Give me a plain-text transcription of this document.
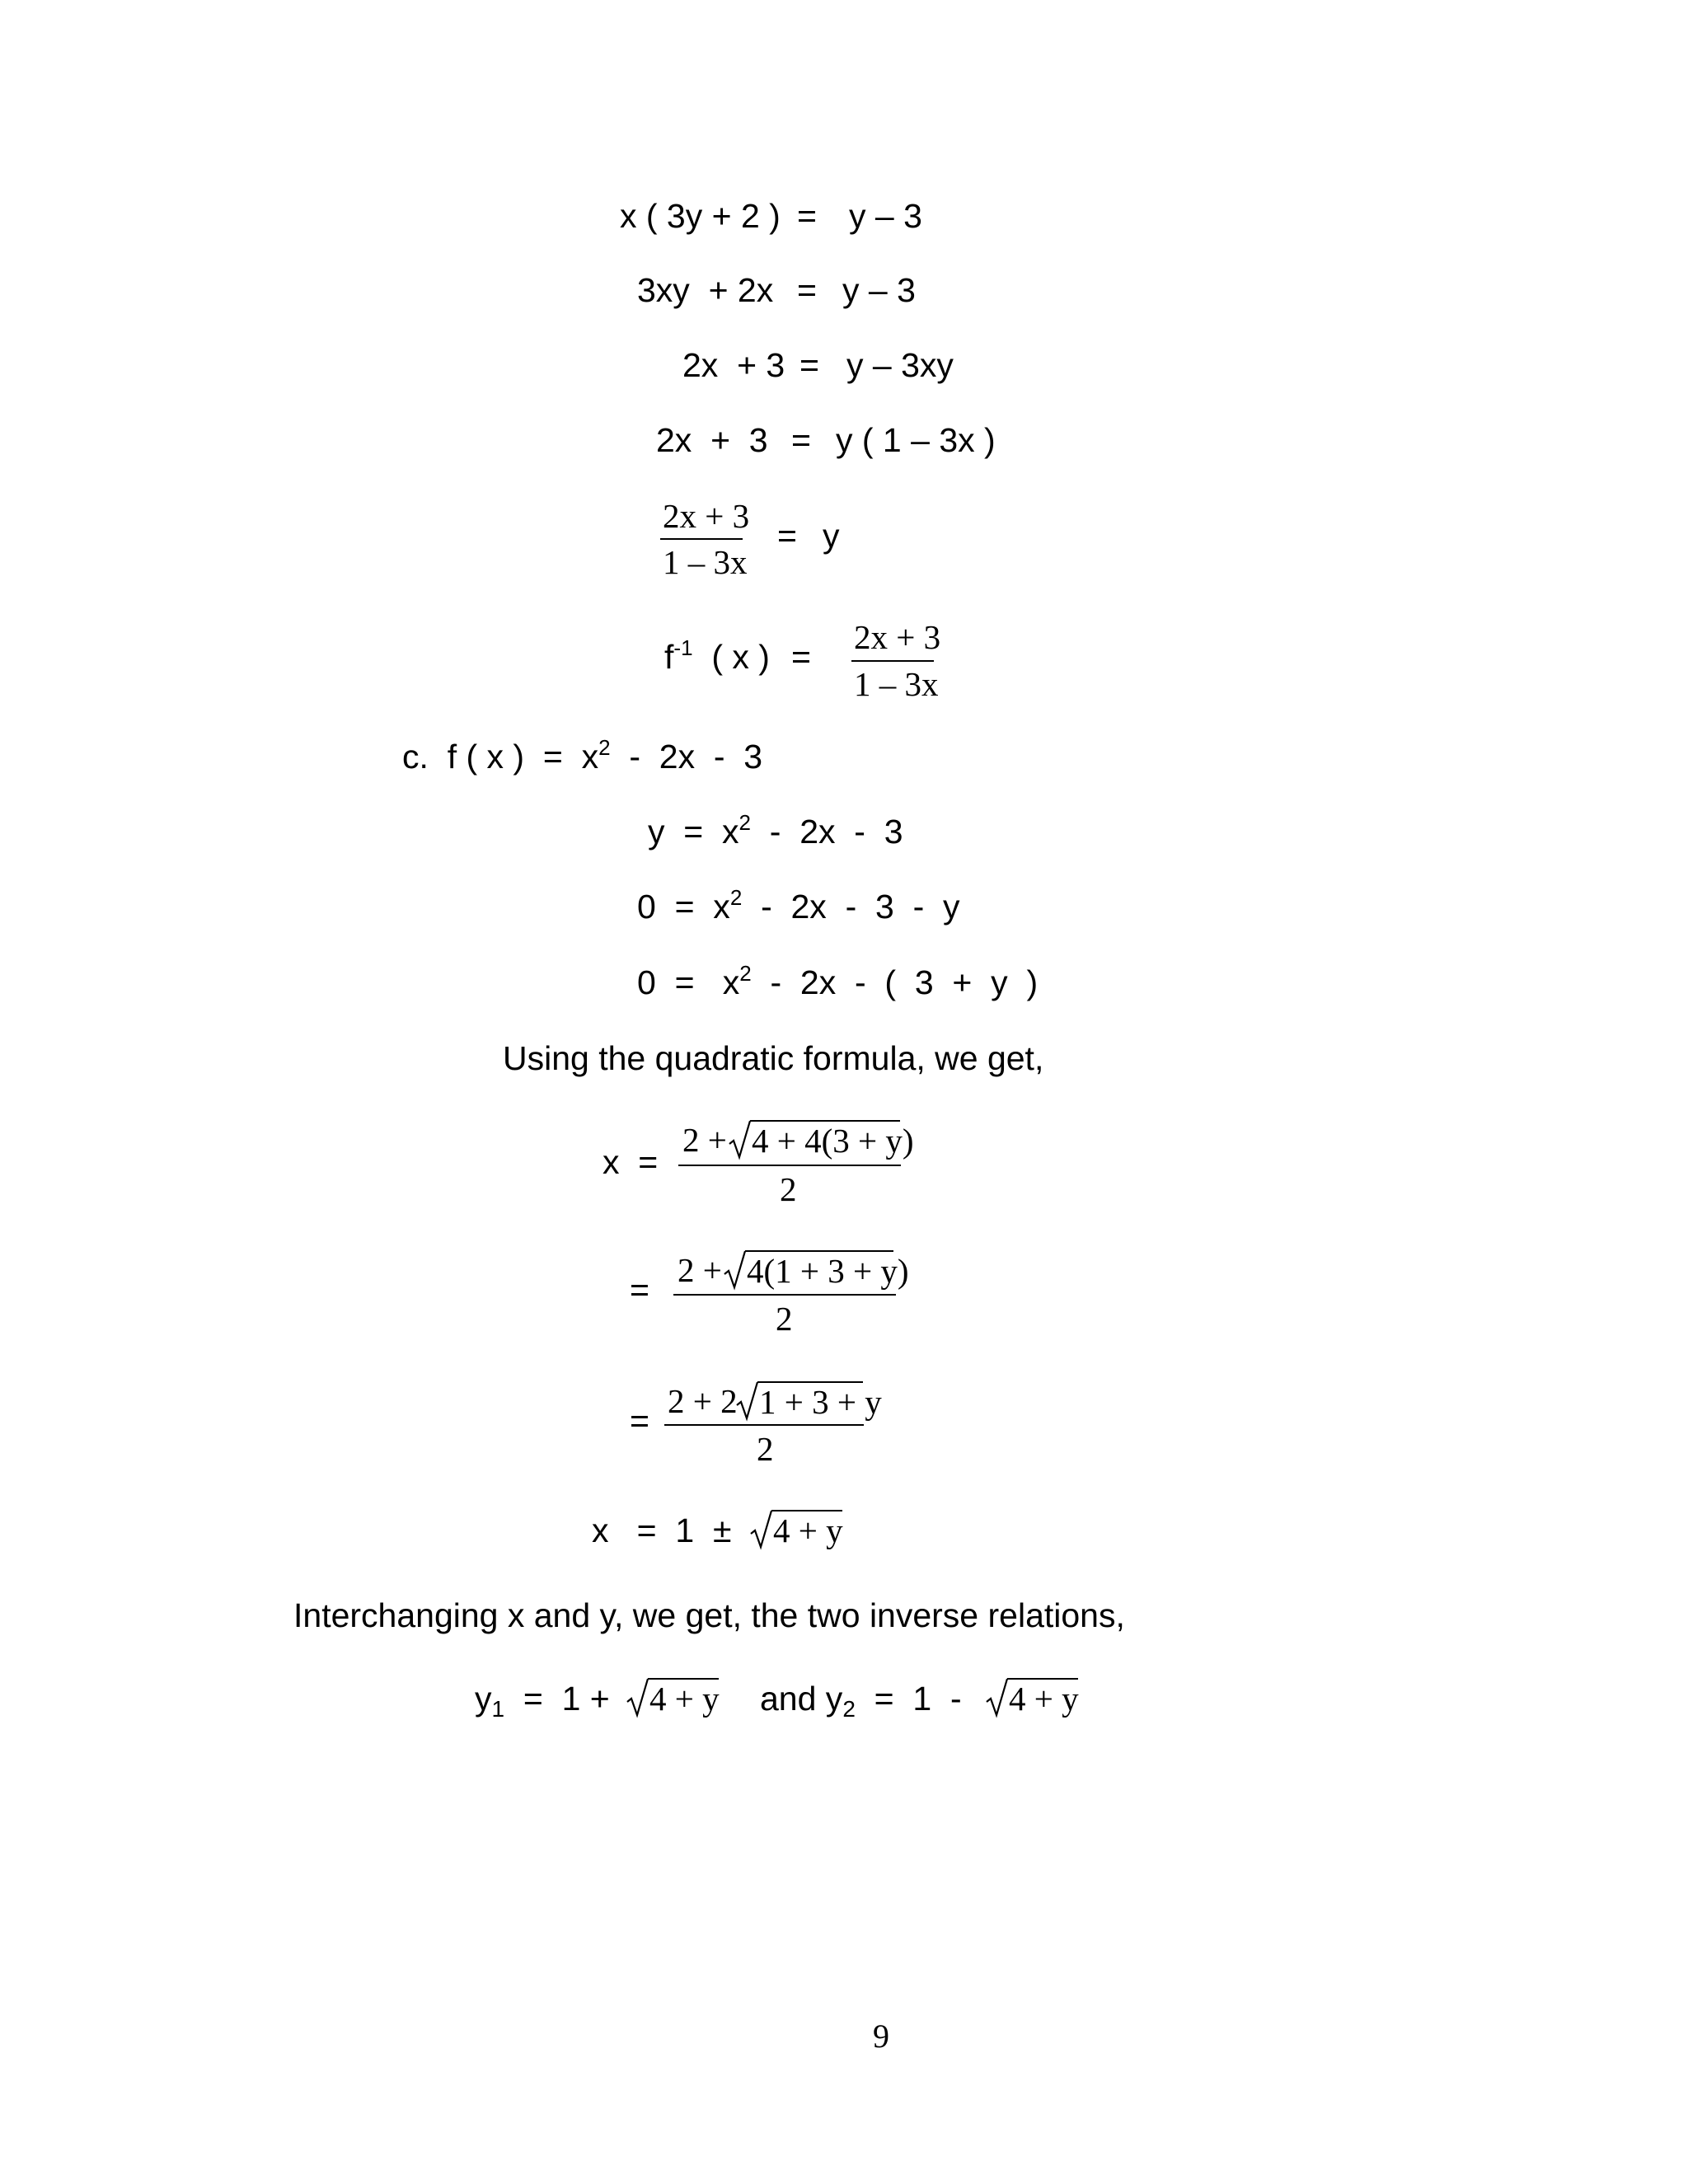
x ( 3y + 2 ) = y – 3
3xy  + 2x = y – 3
2x  + 3 = y – 3xy
2x  +  3 = y ( 1 – 3x )
2x + 3
1 – 3x
= y
$f^{-1}$ ( x ) =
2x + 3
1 – 3x
c. f ( x )  =  $x^2 - 2x - 3$
$y = x^2 - 2x - 3$
$0 = x^2 - 2x - 3 - y$
$0 = x^2 - 2x$  -  (  3  +  y  )
Using the quadratic formula, we get,
x  =
2 + 4 + 4(3 + y)
2
=
2 + 4(1 + 3 + y)
2
=
2 + 2 1 + 3 + y
2
x   =  1  ± 4 + y
Interchanging x and y, we get, the two inverse relations,
$y_1 = 1 + 4 + y$ and $y_2 = 1 - 4 + y$
9
